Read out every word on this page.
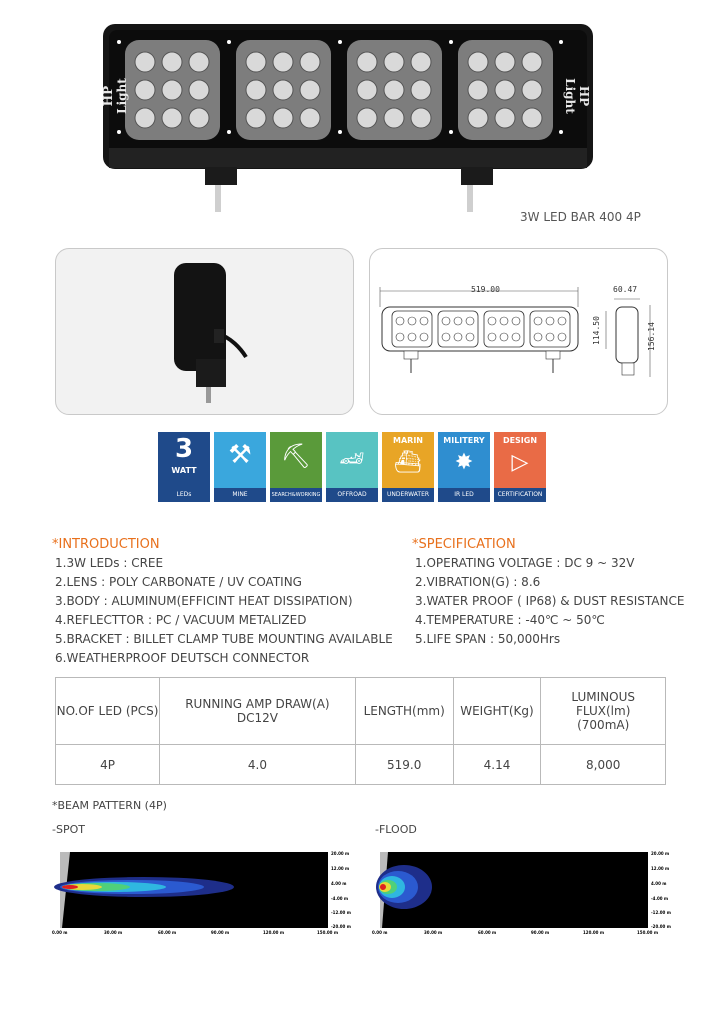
HP Light	HP Light
3W LED BAR 400 4P
519.00	60.47
114.50	156.14
3
WATT
LEDs
⚒
MINE
⛏
SEARCH&WORKING
🏎
OFFROAD
MARIN
⛴
UNDERWATER
MILITERY
✸
IR LED
DESIGN
▷
CERTIFICATION
*INTRODUCTION
1.3W LEDs : CREE
2.LENS : POLY CARBONATE / UV COATING
3.BODY : ALUMINUM(EFFICINT HEAT DISSIPATION)
4.REFLECTTOR : PC / VACUUM METALIZED
5.BRACKET : BILLET CLAMP TUBE MOUNTING AVAILABLE
6.WEATHERPROOF DEUTSCH CONNECTOR
*SPECIFICATION
1.OPERATING VOLTAGE : DC 9 ~ 32V
2.VIBRATION(G) : 8.6
3.WATER PROOF ( IP68) & DUST RESISTANCE
4.TEMPERATURE : -40℃ ~ 50℃
5.LIFE SPAN : 50,000Hrs
NO.OF LED (PCS)	RUNNING AMP DRAW(A) DC12V	LENGTH(mm)	WEIGHT(Kg)	LUMINOUS FLUX(lm) (700mA)
4P	4.0	519.0	4.14	8,000
*BEAM PATTERN (4P)
-SPOT	-FLOOD
20.00 m
12.00 m
4.00 m
-4.00 m
-12.00 m
-20.00 m
0.00 m	30.00 m	60.00 m	90.00 m	120.00 m	150.00 m
20.00 m
12.00 m
4.00 m
-4.00 m
-12.00 m
-20.00 m
0.00 m	30.00 m	60.00 m	90.00 m	120.00 m	150.00 m
